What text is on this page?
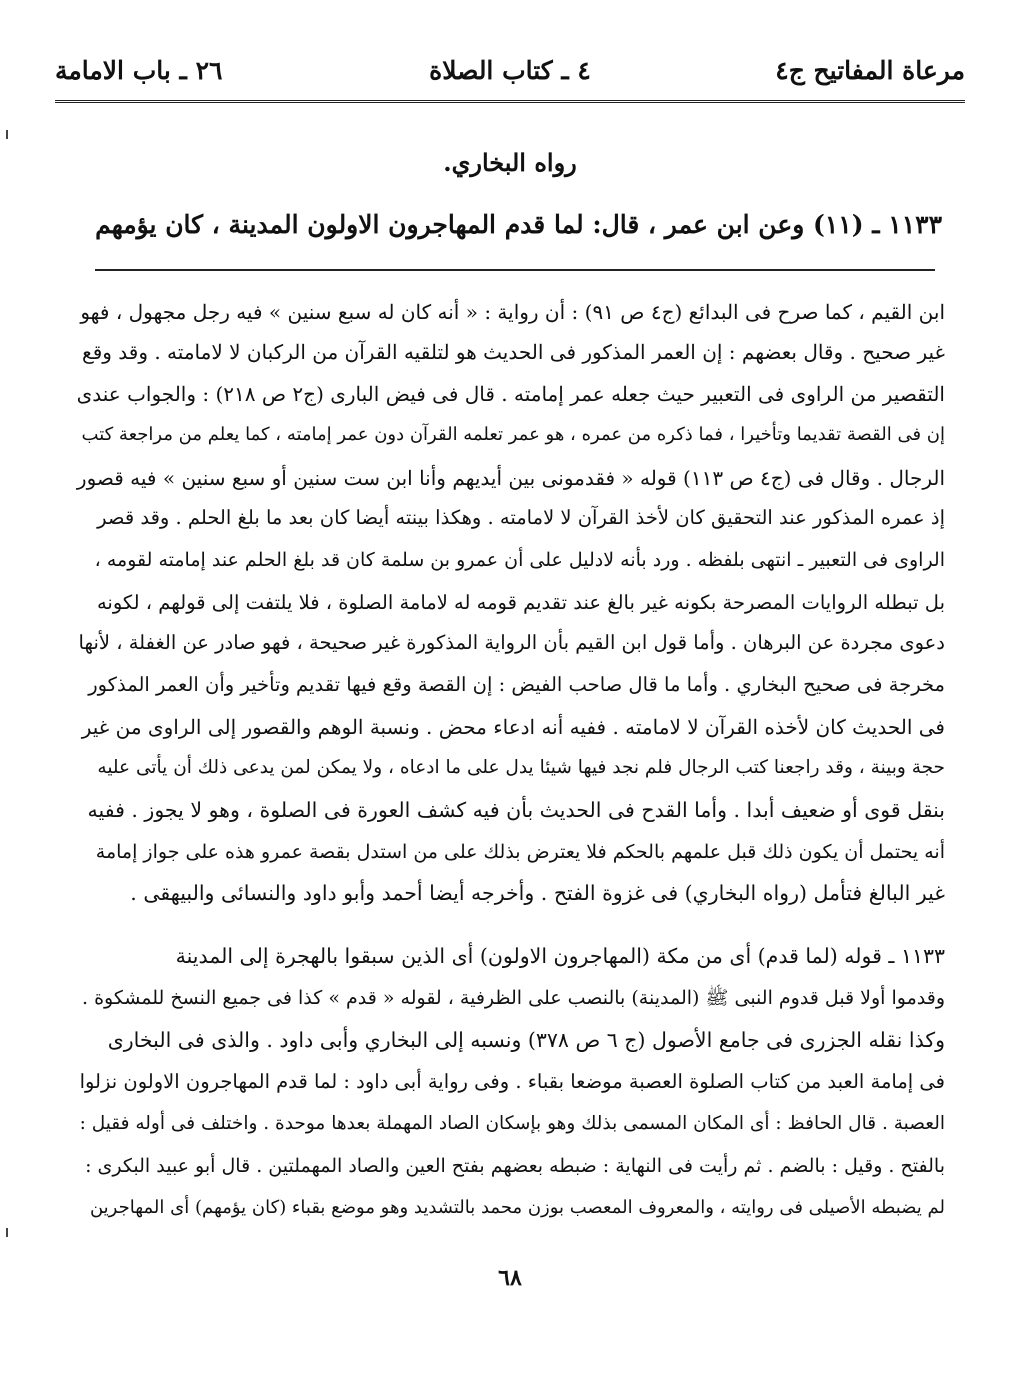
مرعاة المفاتيح ج٤
٤ ـ كتاب الصلاة
٢٦ ـ باب الامامة
رواه البخاري.
١١٣٣ ـ (١١) وعن ابن عمر ، قال: لما قدم المهاجرون الاولون المدينة ، كان يؤمهم
ابن القيم ، كما صرح فى البدائع (ج٤ ص ٩١) : أن رواية : « أنه كان له سبع سنين » فيه رجل مجهول ، فهو
غير صحيح . وقال بعضهم : إن العمر المذكور فى الحديث هو لتلقيه القرآن من الركبان لا لامامته . وقد وقع
التقصير من الراوى فى التعبير حيث جعله عمر إمامته . قال فى فيض البارى (ج٢ ص ٢١٨) : والجواب عندى
إن فى القصة تقديما وتأخيرا ، فما ذكره من عمره ، هو عمر تعلمه القرآن دون عمر إمامته ، كما يعلم من مراجعة كتب
الرجال . وقال فى (ج٤ ص ١١٣) قوله « فقدمونى بين أيديهم وأنا ابن ست سنين أو سبع سنين » فيه قصور
إذ عمره المذكور عند التحقيق كان لأخذ القرآن لا لامامته . وهكذا بينته أيضا كان بعد ما بلغ الحلم . وقد قصر
الراوى فى التعبير ـ انتهى بلفظه . ورد بأنه لادليل على أن عمرو بن سلمة كان قد بلغ الحلم عند إمامته لقومه ،
بل تبطله الروايات المصرحة بكونه غير بالغ عند تقديم قومه له لامامة الصلوة ، فلا يلتفت إلى قولهم ، لكونه
دعوى مجردة عن البرهان . وأما قول ابن القيم بأن الرواية المذكورة غير صحيحة ، فهو صادر عن الغفلة ، لأنها
مخرجة فى صحيح البخاري . وأما ما قال صاحب الفيض : إن القصة وقع فيها تقديم وتأخير وأن العمر المذكور
فى الحديث كان لأخذه القرآن لا لامامته . ففيه أنه ادعاء محض . ونسبة الوهم والقصور إلى الراوى من غير
حجة وبينة ، وقد راجعنا كتب الرجال فلم نجد فيها شيئا يدل على ما ادعاه ، ولا يمكن لمن يدعى ذلك أن يأتى عليه
بنقل قوى أو ضعيف أبدا . وأما القدح فى الحديث بأن فيه كشف العورة فى الصلوة ، وهو لا يجوز . ففيه
أنه يحتمل أن يكون ذلك قبل علمهم بالحكم فلا يعترض بذلك على من استدل بقصة عمرو هذه على جواز إمامة
غير البالغ فتأمل (رواه البخاري) فى غزوة الفتح . وأخرجه أيضا أحمد وأبو داود والنسائى والبيهقى .
١١٣٣ ـ قوله (لما قدم) أى من مكة (المهاجرون الاولون) أى الذين سبقوا بالهجرة إلى المدينة
وقدموا أولا قبل قدوم النبى ﷺ (المدينة) بالنصب على الظرفية ، لقوله « قدم » كذا فى جميع النسخ للمشكوة .
وكذا نقله الجزرى فى جامع الأصول (ج ٦ ص ٣٧٨) ونسبه إلى البخاري وأبى داود . والذى فى البخارى
فى إمامة العبد من كتاب الصلوة العصبة موضعا بقباء . وفى رواية أبى داود : لما قدم المهاجرون الاولون نزلوا
العصبة . قال الحافظ : أى المكان المسمى بذلك وهو بإسكان الصاد المهملة بعدها موحدة . واختلف فى أوله فقيل :
بالفتح . وقيل : بالضم . ثم رأيت فى النهاية : ضبطه بعضهم بفتح العين والصاد المهملتين . قال أبو عبيد البكرى :
لم يضبطه الأصيلى فى روايته ، والمعروف المعصب بوزن محمد بالتشديد وهو موضع بقباء (كان يؤمهم) أى المهاجرين
٦٨
